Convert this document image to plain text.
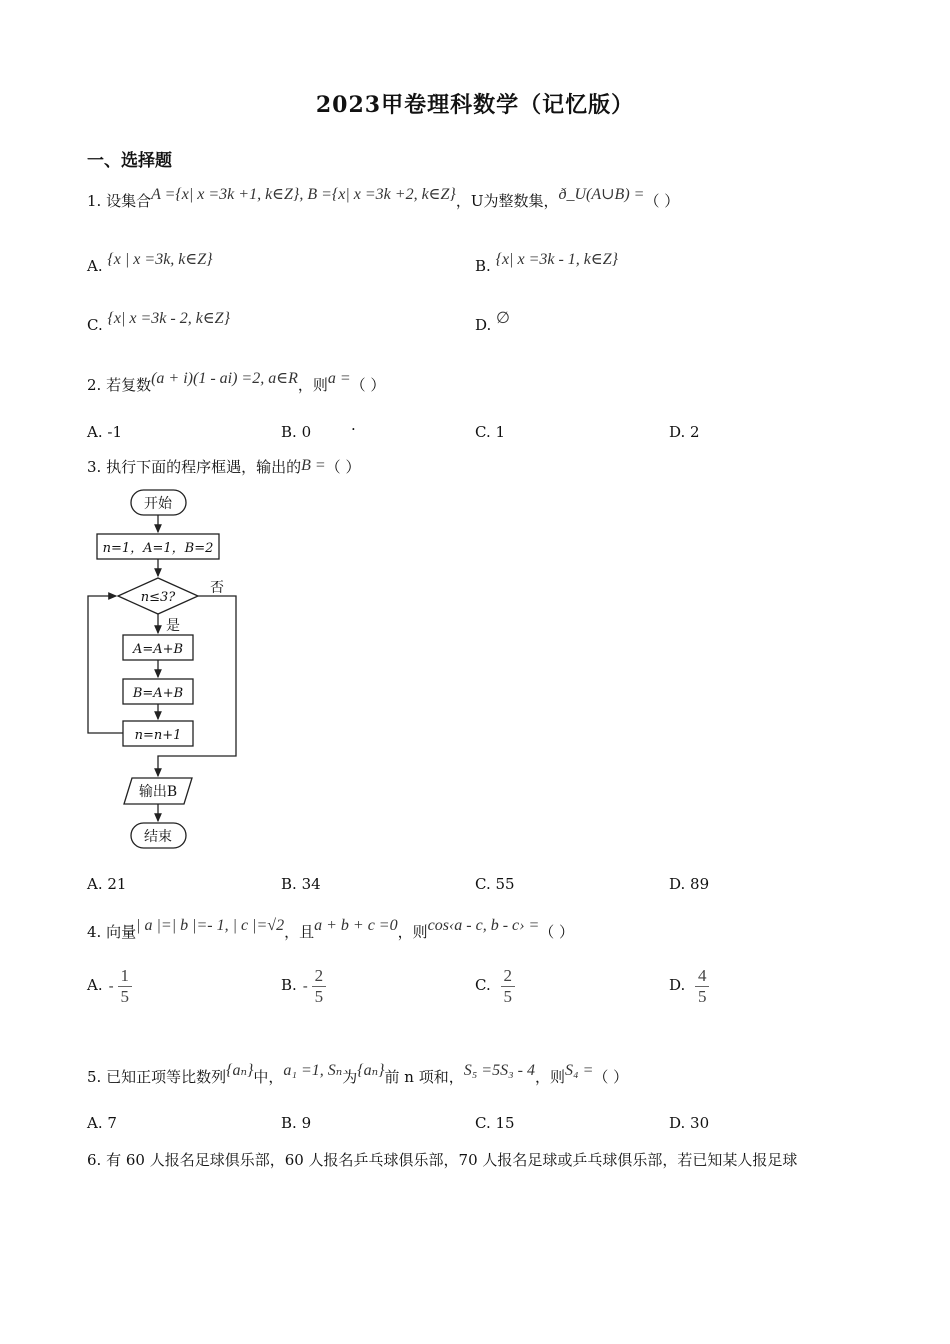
2023甲卷理科数学（记忆版）
一、选择题
1. 设集合A ={x| x =3k +1, k∈Z}, B ={x| x =3k +2, k∈Z}，U为整数集，ð_U(A∪B) =（ ）
A. {x | x =3k, k∈Z}	B. {x| x =3k - 1, k∈Z}
C. {x| x =3k - 2, k∈Z}	D. ∅
2. 若复数(a + i)(1 - ai) =2, a∈R，则a =（ ）
A. -1	B. 0	·	C. 1	D. 2
3. 执行下面的程序框遇，输出的B =（ ）
开始
n=1，A=1，B=2
n≤3?
否
是
A=A+B
B=A+B
n=n+1
输出B
结束
A. 21	B. 34	C. 55	D. 89
4. 向量| a |=| b |=- 1, | c |=√2，且a + b + c =0，则cos‹a - c, b - c› =（ ）
A. - $\frac{1}{5}$	B. - $\frac{2}{5}$	C. $\frac{2}{5}$	D. $\frac{4}{5}$
5. 已知正项等比数列{aₙ}中，a₁ =1, Sₙ为{aₙ}前 n 项和，S₅ =5S₃ - 4，则S₄ =（ ）
A. 7	B. 9	C. 15	D. 30
6. 有 60 人报名足球俱乐部，60 人报名乒乓球俱乐部，70 人报名足球或乒乓球俱乐部，若已知某人报足球
